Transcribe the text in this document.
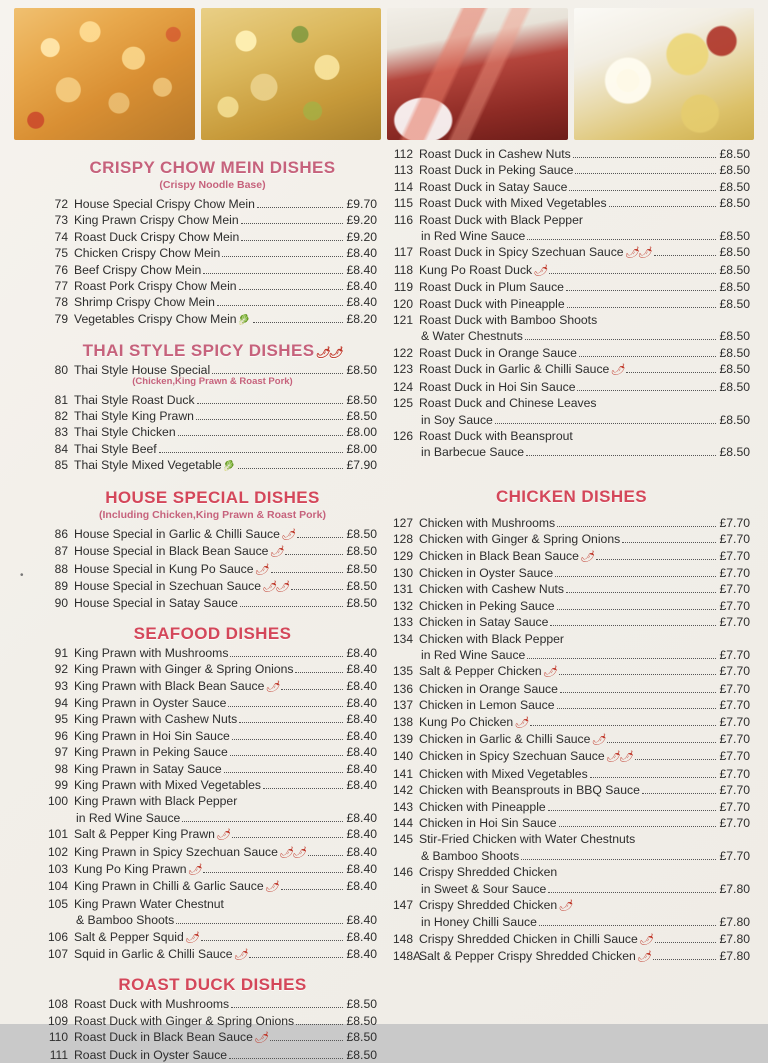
CRISPY CHOW MEIN DISHES
(Crispy Noodle Base)
72 House Special Crispy Chow Mein	£9.70
73 King Prawn Crispy Chow Mein	£9.20
74 Roast Duck Crispy Chow Mein	£9.20
75 Chicken Crispy Chow Mein	£8.40
76 Beef Crispy Chow Mein	£8.40
77 Roast Pork Crispy Chow Mein	£8.40
78 Shrimp Crispy Chow Mein	£8.40
79 Vegetables Crispy Chow Mein 🥬	£8.20
THAI STYLE SPICY DISHES🌶🌶
80 Thai Style House Special	£8.50
(Chicken,King Prawn & Roast Pork)
81 Thai Style Roast Duck	£8.50
82 Thai Style King Prawn	£8.50
83 Thai Style Chicken	£8.00
84 Thai Style Beef	£8.00
85 Thai Style Mixed Vegetable 🥬	£7.90
HOUSE SPECIAL DISHES
(Including Chicken,King Prawn & Roast Pork)
86 House Special in Garlic & Chilli Sauce 🌶	£8.50
87 House Special in Black Bean Sauce 🌶	£8.50
88 House Special in Kung Po Sauce 🌶	£8.50
89 House Special in Szechuan Sauce 🌶🌶	£8.50
90 House Special in Satay Sauce	£8.50
SEAFOOD DISHES
91 King Prawn with Mushrooms	£8.40
92 King Prawn with Ginger & Spring Onions	£8.40
93 King Prawn with Black Bean Sauce 🌶	£8.40
94 King Prawn in Oyster Sauce	£8.40
95 King Prawn with Cashew Nuts	£8.40
96 King Prawn in Hoi Sin Sauce	£8.40
97 King Prawn in Peking Sauce	£8.40
98 King Prawn in Satay Sauce	£8.40
99 King Prawn with Mixed Vegetables	£8.40
100 King Prawn with Black Pepper
in Red Wine Sauce	£8.40
101 Salt & Pepper King Prawn 🌶	£8.40
102 King Prawn in Spicy Szechuan Sauce 🌶🌶	£8.40
103 Kung Po King Prawn 🌶	£8.40
104 King Prawn in Chilli & Garlic Sauce 🌶	£8.40
105 King Prawn Water Chestnut
& Bamboo Shoots	£8.40
106 Salt & Pepper Squid 🌶	£8.40
107 Squid in Garlic & Chilli Sauce 🌶	£8.40
ROAST DUCK DISHES
108 Roast Duck with Mushrooms	£8.50
109 Roast Duck with Ginger & Spring Onions	£8.50
110 Roast Duck in Black Bean Sauce 🌶	£8.50
111 Roast Duck in Oyster Sauce	£8.50
112 Roast Duck in Cashew Nuts	£8.50
113 Roast Duck in Peking Sauce	£8.50
114 Roast Duck in Satay Sauce	£8.50
115 Roast Duck with Mixed Vegetables	£8.50
116 Roast Duck with Black Pepper
in Red Wine Sauce	£8.50
117 Roast Duck in Spicy Szechuan Sauce 🌶🌶	£8.50
118 Kung Po Roast Duck 🌶	£8.50
119 Roast Duck in Plum Sauce	£8.50
120 Roast Duck with Pineapple	£8.50
121 Roast Duck with Bamboo Shoots
& Water Chestnuts	£8.50
122 Roast Duck in Orange Sauce	£8.50
123 Roast Duck in Garlic & Chilli Sauce 🌶	£8.50
124 Roast Duck in Hoi Sin Sauce	£8.50
125 Roast Duck and Chinese Leaves
in Soy Sauce	£8.50
126 Roast Duck with Beansprout
in Barbecue Sauce	£8.50
CHICKEN DISHES
127 Chicken with Mushrooms	£7.70
128 Chicken with Ginger & Spring Onions	£7.70
129 Chicken in Black Bean Sauce 🌶	£7.70
130 Chicken in Oyster Sauce	£7.70
131 Chicken with Cashew Nuts	£7.70
132 Chicken in Peking Sauce	£7.70
133 Chicken in Satay Sauce	£7.70
134 Chicken with Black Pepper
in Red Wine Sauce	£7.70
135 Salt & Pepper Chicken 🌶	£7.70
136 Chicken in Orange Sauce	£7.70
137 Chicken in Lemon Sauce	£7.70
138 Kung Po Chicken 🌶	£7.70
139 Chicken in Garlic & Chilli Sauce 🌶	£7.70
140 Chicken in Spicy Szechuan Sauce 🌶🌶	£7.70
141 Chicken with Mixed Vegetables	£7.70
142 Chicken with Beansprouts in BBQ Sauce	£7.70
143 Chicken with Pineapple	£7.70
144 Chicken in Hoi Sin Sauce	£7.70
145 Stir-Fried Chicken with Water Chestnuts
& Bamboo Shoots	£7.70
146 Crispy Shredded Chicken
in Sweet & Sour Sauce	£7.80
147 Crispy Shredded Chicken 🌶
in Honey Chilli Sauce	£7.80
148 Crispy Shredded Chicken in Chilli Sauce 🌶	£7.80
148A
Salt & Pepper Crispy Shredded Chicken 🌶	£7.80
•
